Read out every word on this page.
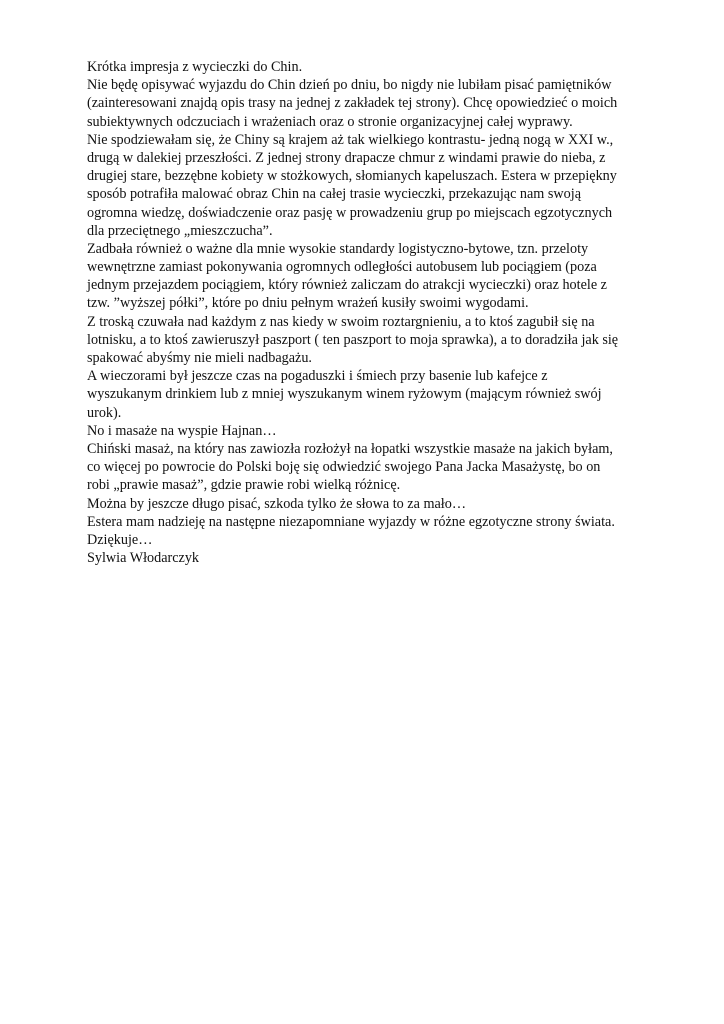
Krótka impresja z wycieczki do Chin.
Nie będę opisywać wyjazdu do Chin dzień po dniu, bo nigdy nie lubiłam pisać pamiętników
(zainteresowani znajdą opis trasy na jednej z zakładek tej strony). Chcę opowiedzieć o moich
subiektywnych odczuciach i wrażeniach oraz o stronie organizacyjnej całej wyprawy.
Nie spodziewałam się, że Chiny są krajem aż tak wielkiego kontrastu- jedną nogą w XXI w.,
drugą w dalekiej przeszłości. Z jednej strony drapacze chmur z windami prawie do nieba, z
drugiej stare, bezzębne kobiety w stożkowych, słomianych kapeluszach. Estera w przepiękny
sposób potrafiła malować obraz Chin na całej trasie wycieczki, przekazując nam swoją
ogromna wiedzę, doświadczenie oraz pasję w prowadzeniu grup po miejscach egzotycznych
dla przeciętnego „mieszczucha”.
Zadbała również o ważne dla mnie wysokie standardy logistyczno-bytowe, tzn. przeloty
wewnętrzne zamiast pokonywania ogromnych odległości autobusem lub pociągiem (poza
jednym przejazdem pociągiem, który również zaliczam do atrakcji wycieczki) oraz hotele z
tzw. ”wyższej półki”, które po dniu pełnym wrażeń kusiły swoimi wygodami.
Z troską czuwała nad każdym z nas kiedy w swoim roztargnieniu, a to ktoś zagubił się na
lotnisku, a to ktoś zawieruszył paszport ( ten paszport to moja sprawka), a to doradziła jak się
spakować abyśmy nie mieli nadbagażu.
A wieczorami był jeszcze czas na pogaduszki i śmiech przy basenie lub kafejce z
wyszukanym drinkiem lub z mniej wyszukanym winem ryżowym (mającym również swój
urok).
No i masaże na wyspie Hajnan…
Chiński masaż, na który nas zawiozła rozłożył na łopatki wszystkie masaże na jakich byłam,
co więcej po powrocie do Polski boję się odwiedzić swojego Pana Jacka Masażystę, bo on
robi „prawie masaż”, gdzie prawie robi wielką różnicę.
Można by jeszcze długo pisać, szkoda tylko że słowa to za mało…
Estera mam nadzieję na następne niezapomniane wyjazdy w różne egzotyczne strony świata.
Dziękuje…
Sylwia Włodarczyk
